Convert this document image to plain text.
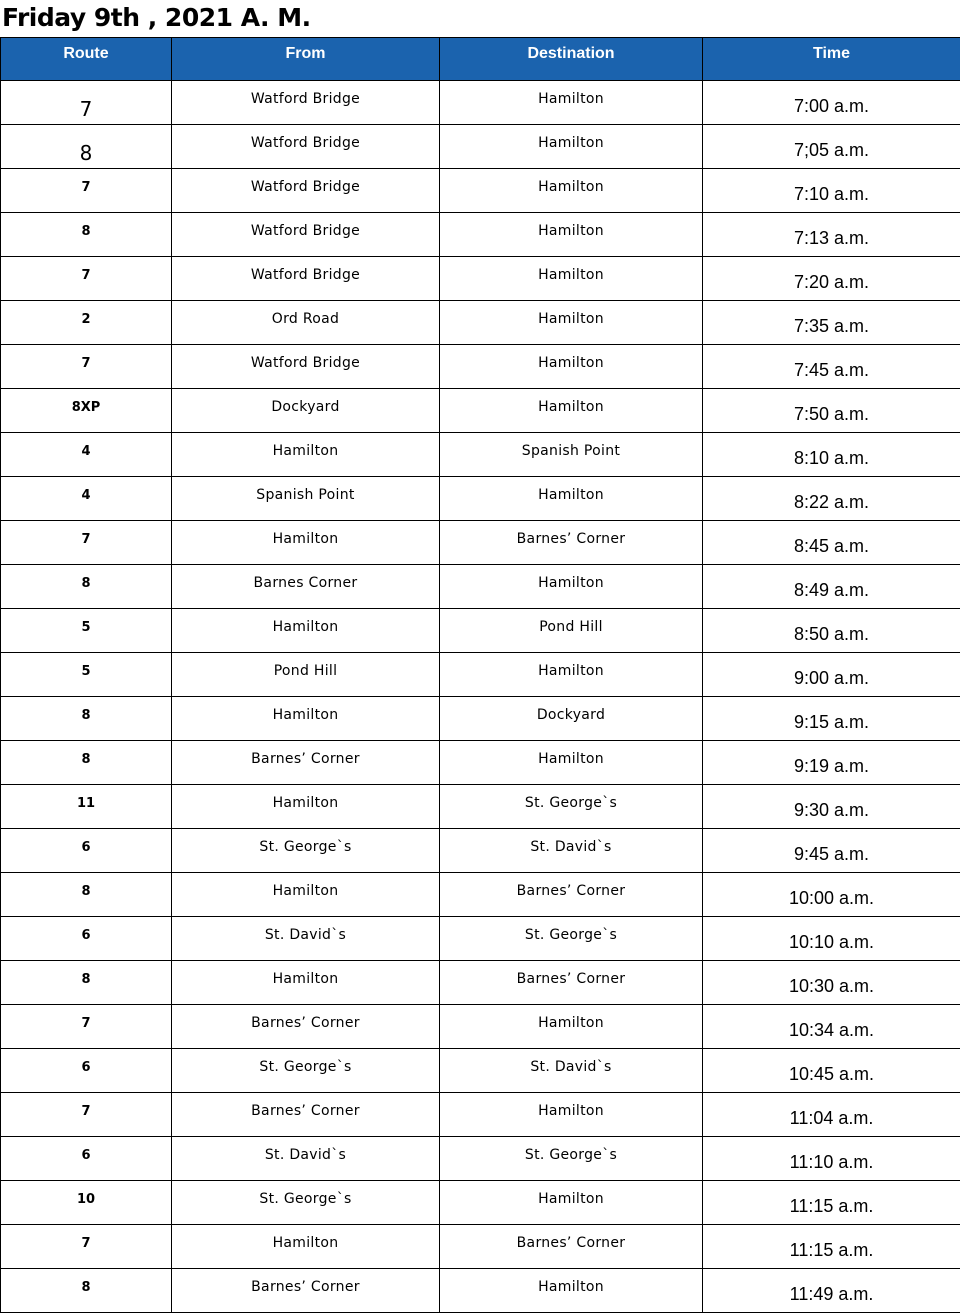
Friday 9th , 2021 A. M.
Route	From	Destination	Time
7	Watford Bridge	Hamilton	7:00 a.m.
8	Watford Bridge	Hamilton	7;05 a.m.
7	Watford Bridge	Hamilton	7:10 a.m.
8	Watford Bridge	Hamilton	7:13 a.m.
7	Watford Bridge	Hamilton	7:20 a.m.
2	Ord Road	Hamilton	7:35 a.m.
7	Watford Bridge	Hamilton	7:45 a.m.
8XP	Dockyard	Hamilton	7:50 a.m.
4	Hamilton	Spanish Point	8:10 a.m.
4	Spanish Point	Hamilton	8:22 a.m.
7	Hamilton	Barnes’ Corner	8:45 a.m.
8	Barnes Corner	Hamilton	8:49 a.m.
5	Hamilton	Pond Hill	8:50 a.m.
5	Pond Hill	Hamilton	9:00 a.m.
8	Hamilton	Dockyard	9:15 a.m.
8	Barnes’ Corner	Hamilton	9:19 a.m.
11	Hamilton	St. George`s	9:30 a.m.
6	St. George`s	St. David`s	9:45 a.m.
8	Hamilton	Barnes’ Corner	10:00 a.m.
6	St. David`s	St. George`s	10:10 a.m.
8	Hamilton	Barnes’ Corner	10:30 a.m.
7	Barnes’ Corner	Hamilton	10:34 a.m.
6	St. George`s	St. David`s	10:45 a.m.
7	Barnes’ Corner	Hamilton	11:04 a.m.
6	St. David`s	St. George`s	11:10 a.m.
10	St. George`s	Hamilton	11:15 a.m.
7	Hamilton	Barnes’ Corner	11:15 a.m.
8	Barnes’ Corner	Hamilton	11:49 a.m.
